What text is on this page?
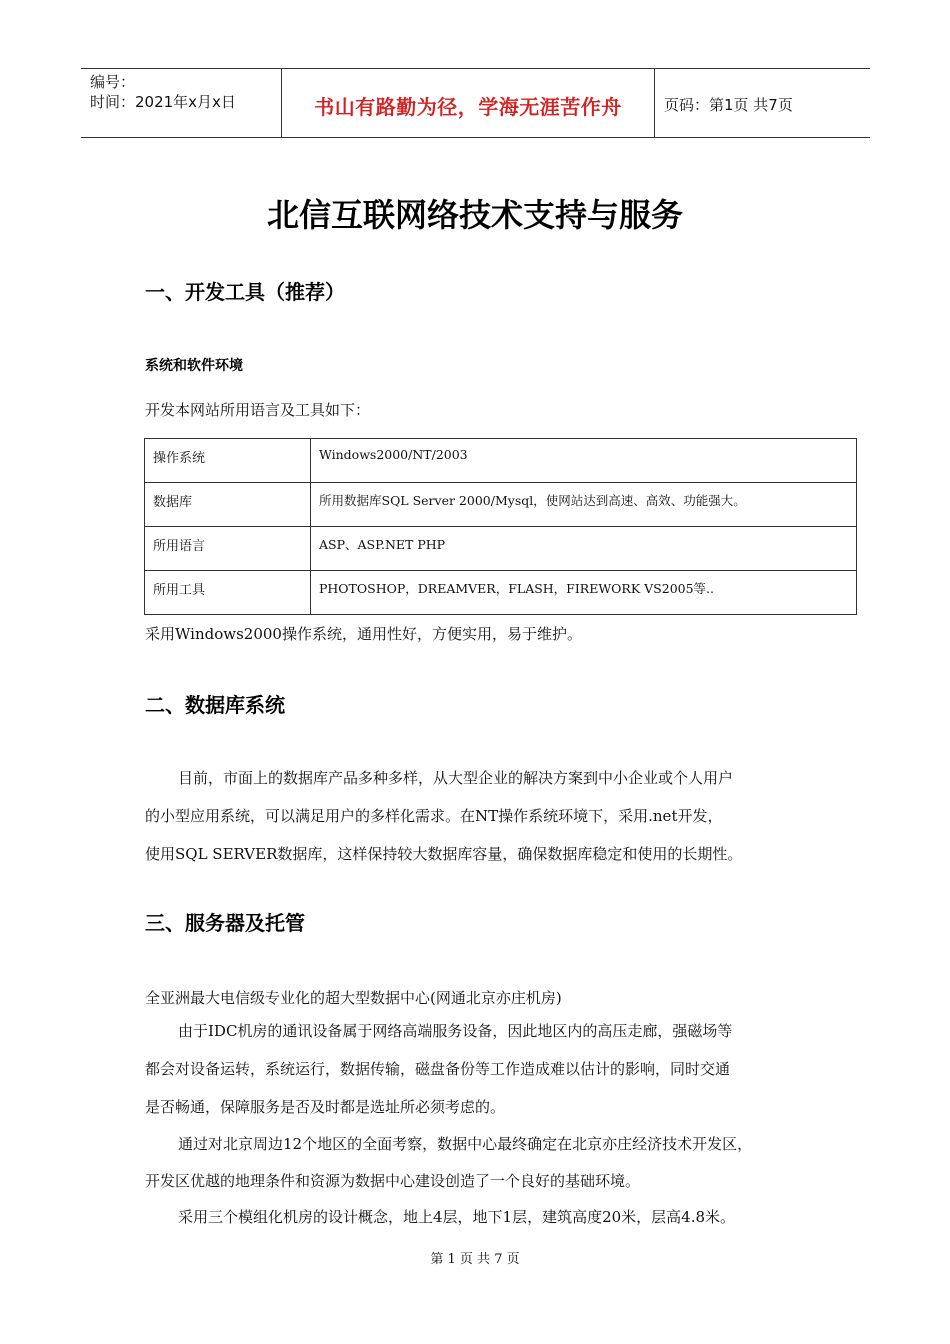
编号：
时间：2021年x月x日	书山有路勤为径，学海无涯苦作舟	页码：第1页 共7页
北信互联网络技术支持与服务
一、开发工具（推荐）
系统和软件环境
开发本网站所用语言及工具如下：
操作系统	Windows2000/NT/2003
数据库	所用数据库SQL Server 2000/Mysql，使网站达到高速、高效、功能强大。
所用语言	ASP、ASP.NET PHP
所用工具	PHOTOSHOP，DREAMVER，FLASH，FIREWORK VS2005等..
采用Windows2000操作系统，通用性好，方便实用，易于维护。
二、数据库系统
目前，市面上的数据库产品多种多样，从大型企业的解决方案到中小企业或个人用户
的小型应用系统，可以满足用户的多样化需求。在NT操作系统环境下，采用.net开发，
使用SQL SERVER数据库，这样保持较大数据库容量，确保数据库稳定和使用的长期性。
三、服务器及托管
全亚洲最大电信级专业化的超大型数据中心(网通北京亦庄机房)
由于IDC机房的通讯设备属于网络高端服务设备，因此地区内的高压走廊，强磁场等
都会对设备运转，系统运行，数据传输，磁盘备份等工作造成难以估计的影响，同时交通
是否畅通，保障服务是否及时都是选址所必须考虑的。
通过对北京周边12个地区的全面考察，数据中心最终确定在北京亦庄经济技术开发区，
开发区优越的地理条件和资源为数据中心建设创造了一个良好的基础环境。
采用三个模组化机房的设计概念，地上4层，地下1层，建筑高度20米，层高4.8米。
第 1 页 共 7 页
